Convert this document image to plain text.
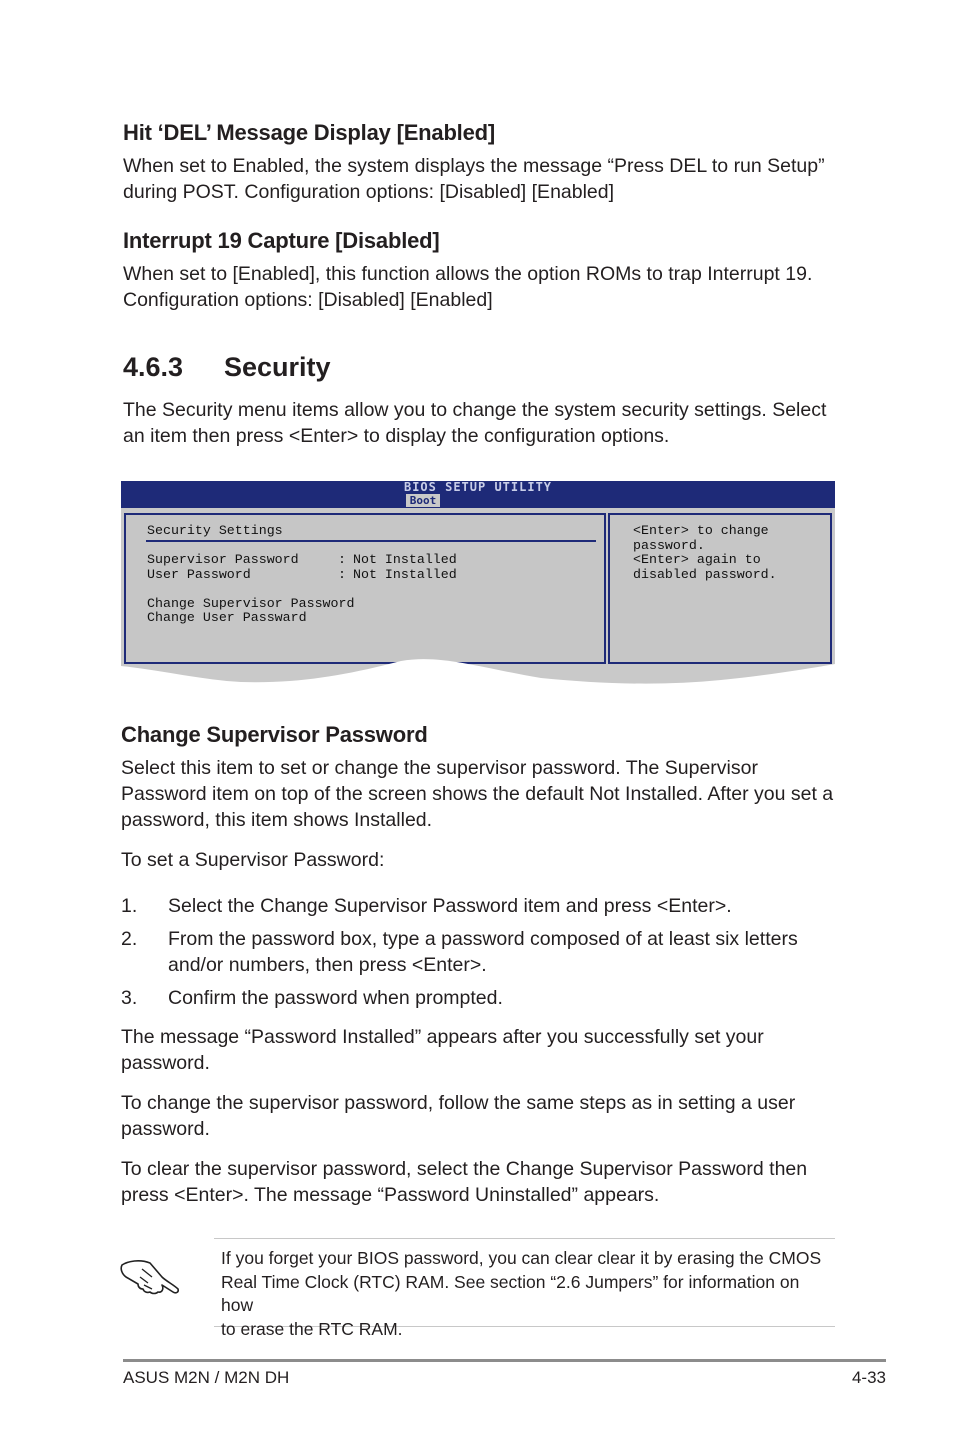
Hit ‘DEL’ Message Display [Enabled]
When set to Enabled, the system displays the message “Press DEL to run Setup”
during POST. Configuration options: [Disabled] [Enabled]
Interrupt 19 Capture [Disabled]
When set to [Enabled], this function allows the option ROMs to trap Interrupt 19.
Configuration options: [Disabled] [Enabled]
4.6.3 Security
The Security menu items allow you to change the system security settings. Select
an item then press <Enter> to display the configuration options.
BIOS SETUP UTILITY
Boot
Security Settings
Supervisor Password	: Not Installed
User Password	: Not Installed
Change Supervisor Password
Change User Passward
<Enter> to change
password.
<Enter> again to
disabled password.
Change Supervisor Password
Select this item to set or change the supervisor password. The Supervisor
Password item on top of the screen shows the default Not Installed. After you set a
password, this item shows Installed.
To set a Supervisor Password:
1. Select the Change Supervisor Password item and press <Enter>.
2. From the password box, type a password composed of at least six letters
and/or numbers, then press <Enter>.
3. Confirm the password when prompted.
The message “Password Installed” appears after you successfully set your
password.
To change the supervisor password, follow the same steps as in setting a user
password.
To clear the supervisor password, select the Change Supervisor Password then
press <Enter>. The message “Password Uninstalled” appears.
If you forget your BIOS password, you can clear clear it by erasing the CMOS
Real Time Clock (RTC) RAM. See section “2.6 Jumpers” for information on how
to erase the RTC RAM.
ASUS M2N / M2N DH	4-33
